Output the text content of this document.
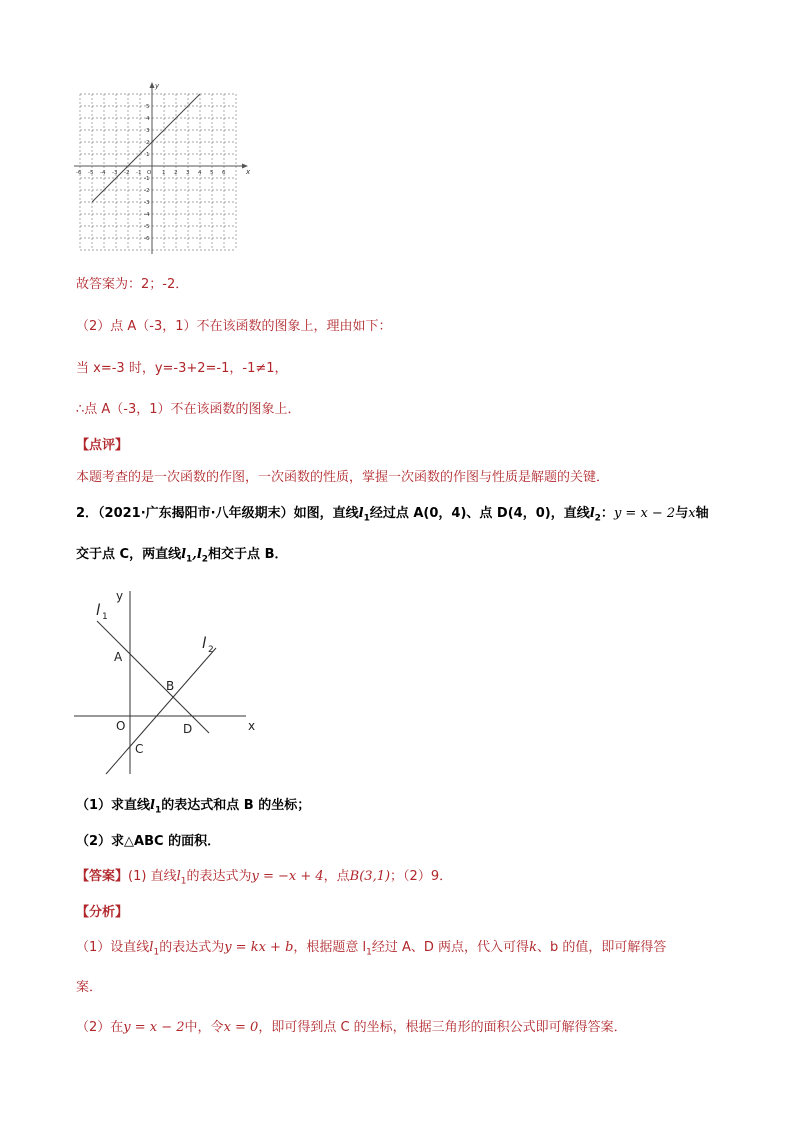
-6 -5 -4 -3 -2 -1 O 1 2 3 4 5 6
5
4
3
2
1
-1
-2
-3
-4
-5
-6
x
y
故答案为：2；-2．
（2）点 A（-3，1）不在该函数的图象上，理由如下：
当 x=-3 时，y=-3+2=-1，-1≠1，
∴点 A（-3，1）不在该函数的图象上．
【点评】
本题考查的是一次函数的作图，一次函数的性质，掌握一次函数的作图与性质是解题的关键．
2．（2021·广东揭阳市·八年级期末）如图，直线$l_1$经过点 A(0，4)、点 D(4，0)，直线$l_2$：y = x − 2与x轴
交于点 C，两直线$l_1,l_2$相交于点 B．
l 1
l 2
y
x
A
B
O	D
C
（1）求直线$l_1$的表达式和点 B 的坐标；
（2）求△ABC 的面积．
【答案】(1) 直线$l_1$的表达式为y = −x + 4，点B(3,1)；（2）9．
【分析】
（1）设直线$l_1$的表达式为y = kx + b，根据题意 $l_1$经过 A、D 两点，代入可得k、b 的值，即可解得答
案．
（2）在y = x − 2中，令x = 0，即可得到点 C 的坐标，根据三角形的面积公式即可解得答案．
